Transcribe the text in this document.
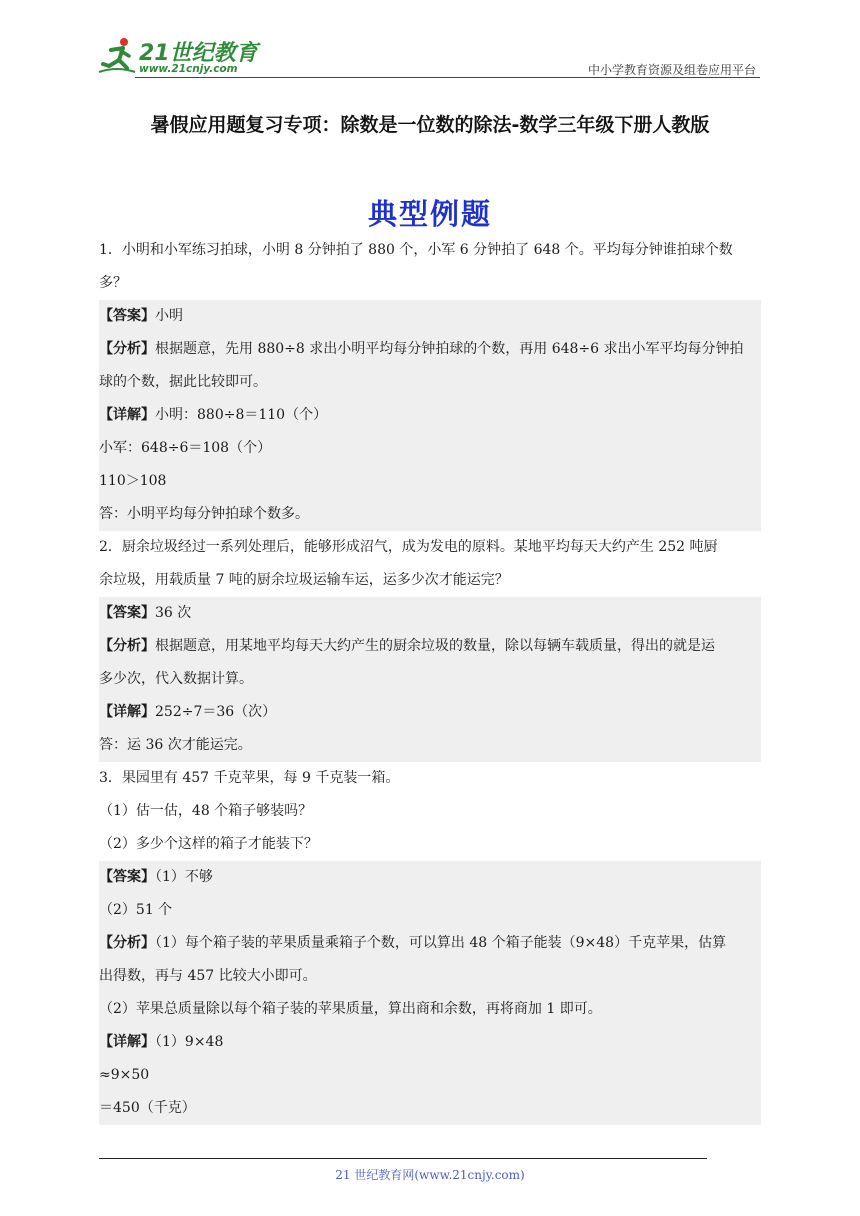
21世纪教育
www.21cnjy.com	中小学教育资源及组卷应用平台
暑假应用题复习专项：除数是一位数的除法-数学三年级下册人教版
典型例题

1．小明和小军练习拍球，小明 8 分钟拍了 880 个，小军 6 分钟拍了 648 个。平均每分钟谁拍球个数

多？

【答案】小明

【分析】根据题意，先用 880÷8 求出小明平均每分钟拍球的个数，再用 648÷6 求出小军平均每分钟拍

球的个数，据此比较即可。

【详解】小明：880÷8＝110（个）

小军：648÷6＝108（个）

110＞108

答：小明平均每分钟拍球个数多。

2．厨余垃圾经过一系列处理后，能够形成沼气，成为发电的原料。某地平均每天大约产生 252 吨厨

余垃圾，用载质量 7 吨的厨余垃圾运输车运，运多少次才能运完？

【答案】36 次

【分析】根据题意，用某地平均每天大约产生的厨余垃圾的数量，除以每辆车载质量，得出的就是运

多少次，代入数据计算。

【详解】252÷7＝36（次）

答：运 36 次才能运完。

3．果园里有 457 千克苹果，每 9 千克装一箱。

（1）估一估，48 个箱子够装吗？

（2）多少个这样的箱子才能装下？

【答案】（1）不够

（2）51 个

【分析】（1）每个箱子装的苹果质量乘箱子个数，可以算出 48 个箱子能装（9×48）千克苹果，估算

出得数，再与 457 比较大小即可。

（2）苹果总质量除以每个箱子装的苹果质量，算出商和余数，再将商加 1 即可。

【详解】（1）9×48

≈9×50

＝450（千克）

21 世纪教育网(www.21cnjy.com)
